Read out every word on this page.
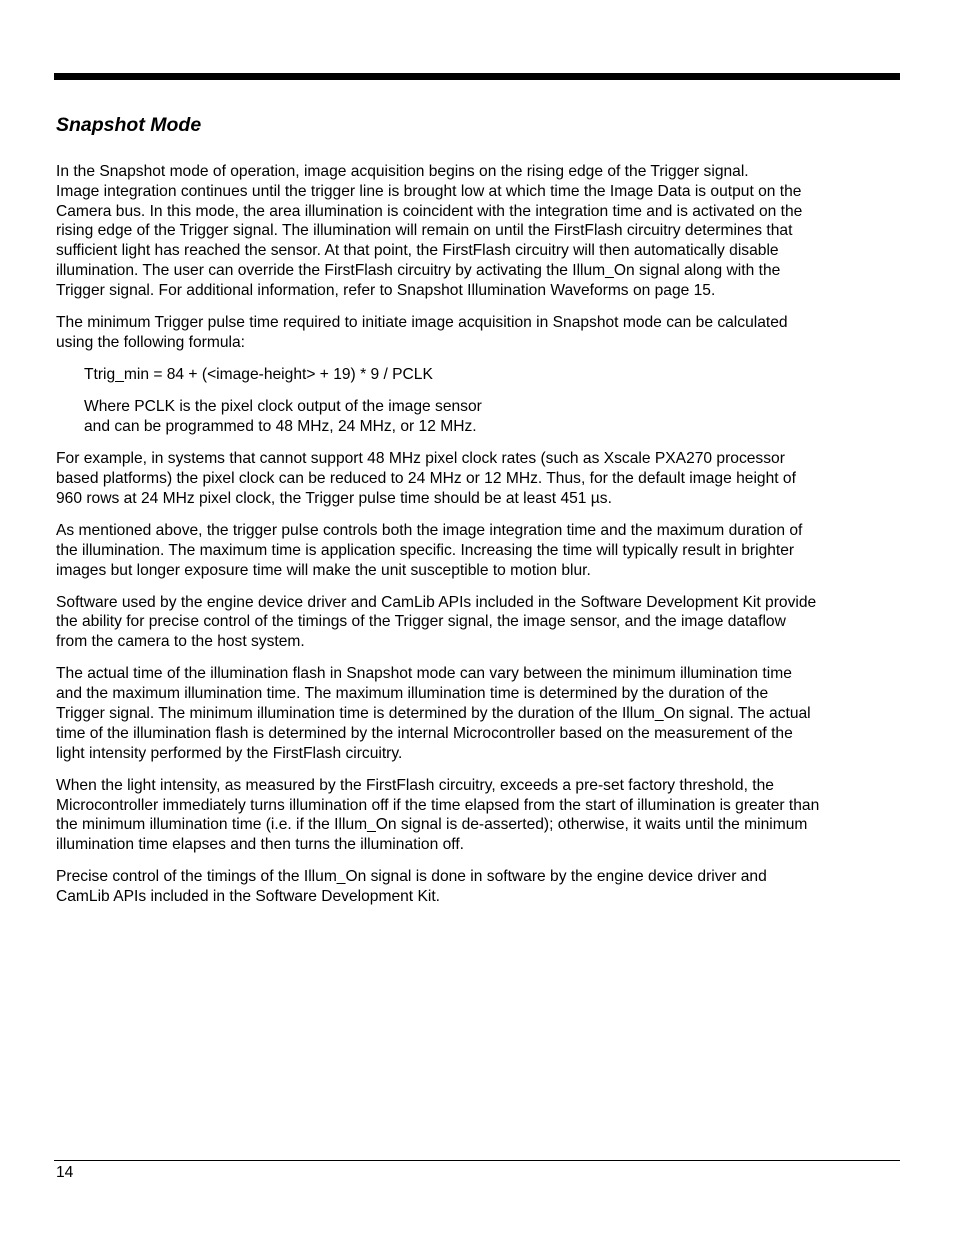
Snapshot Mode

In the Snapshot mode of operation, image acquisition begins on the rising edge of the Trigger signal.
Image integration continues until the trigger line is brought low at which time the Image Data is output on the
Camera bus. In this mode, the area illumination is coincident with the integration time and is activated on the
rising edge of the Trigger signal. The illumination will remain on until the FirstFlash circuitry determines that
sufficient light has reached the sensor. At that point, the FirstFlash circuitry will then automatically disable
illumination. The user can override the FirstFlash circuitry by activating the Illum_On signal along with the
Trigger signal. For additional information, refer to Snapshot Illumination Waveforms on page 15.

The minimum Trigger pulse time required to initiate image acquisition in Snapshot mode can be calculated
using the following formula:

Ttrig_min = 84 + (<image-height> + 19) * 9 / PCLK

Where PCLK is the pixel clock output of the image sensor
and can be programmed to 48 MHz, 24 MHz, or 12 MHz.

For example, in systems that cannot support 48 MHz pixel clock rates (such as Xscale PXA270 processor
based platforms) the pixel clock can be reduced to 24 MHz or 12 MHz. Thus, for the default image height of
960 rows at 24 MHz pixel clock, the Trigger pulse time should be at least 451 µs.

As mentioned above, the trigger pulse controls both the image integration time and the maximum duration of
the illumination. The maximum time is application specific. Increasing the time will typically result in brighter
images but longer exposure time will make the unit susceptible to motion blur.

Software used by the engine device driver and CamLib APIs included in the Software Development Kit provide
the ability for precise control of the timings of the Trigger signal, the image sensor, and the image dataflow
from the camera to the host system.

The actual time of the illumination flash in Snapshot mode can vary between the minimum illumination time
and the maximum illumination time. The maximum illumination time is determined by the duration of the
Trigger signal. The minimum illumination time is determined by the duration of the Illum_On signal. The actual
time of the illumination flash is determined by the internal Microcontroller based on the measurement of the
light intensity performed by the FirstFlash circuitry.

When the light intensity, as measured by the FirstFlash circuitry, exceeds a pre-set factory threshold, the
Microcontroller immediately turns illumination off if the time elapsed from the start of illumination is greater than
the minimum illumination time (i.e. if the Illum_On signal is de-asserted); otherwise, it waits until the minimum
illumination time elapses and then turns the illumination off.

Precise control of the timings of the Illum_On signal is done in software by the engine device driver and
CamLib APIs included in the Software Development Kit.

14
